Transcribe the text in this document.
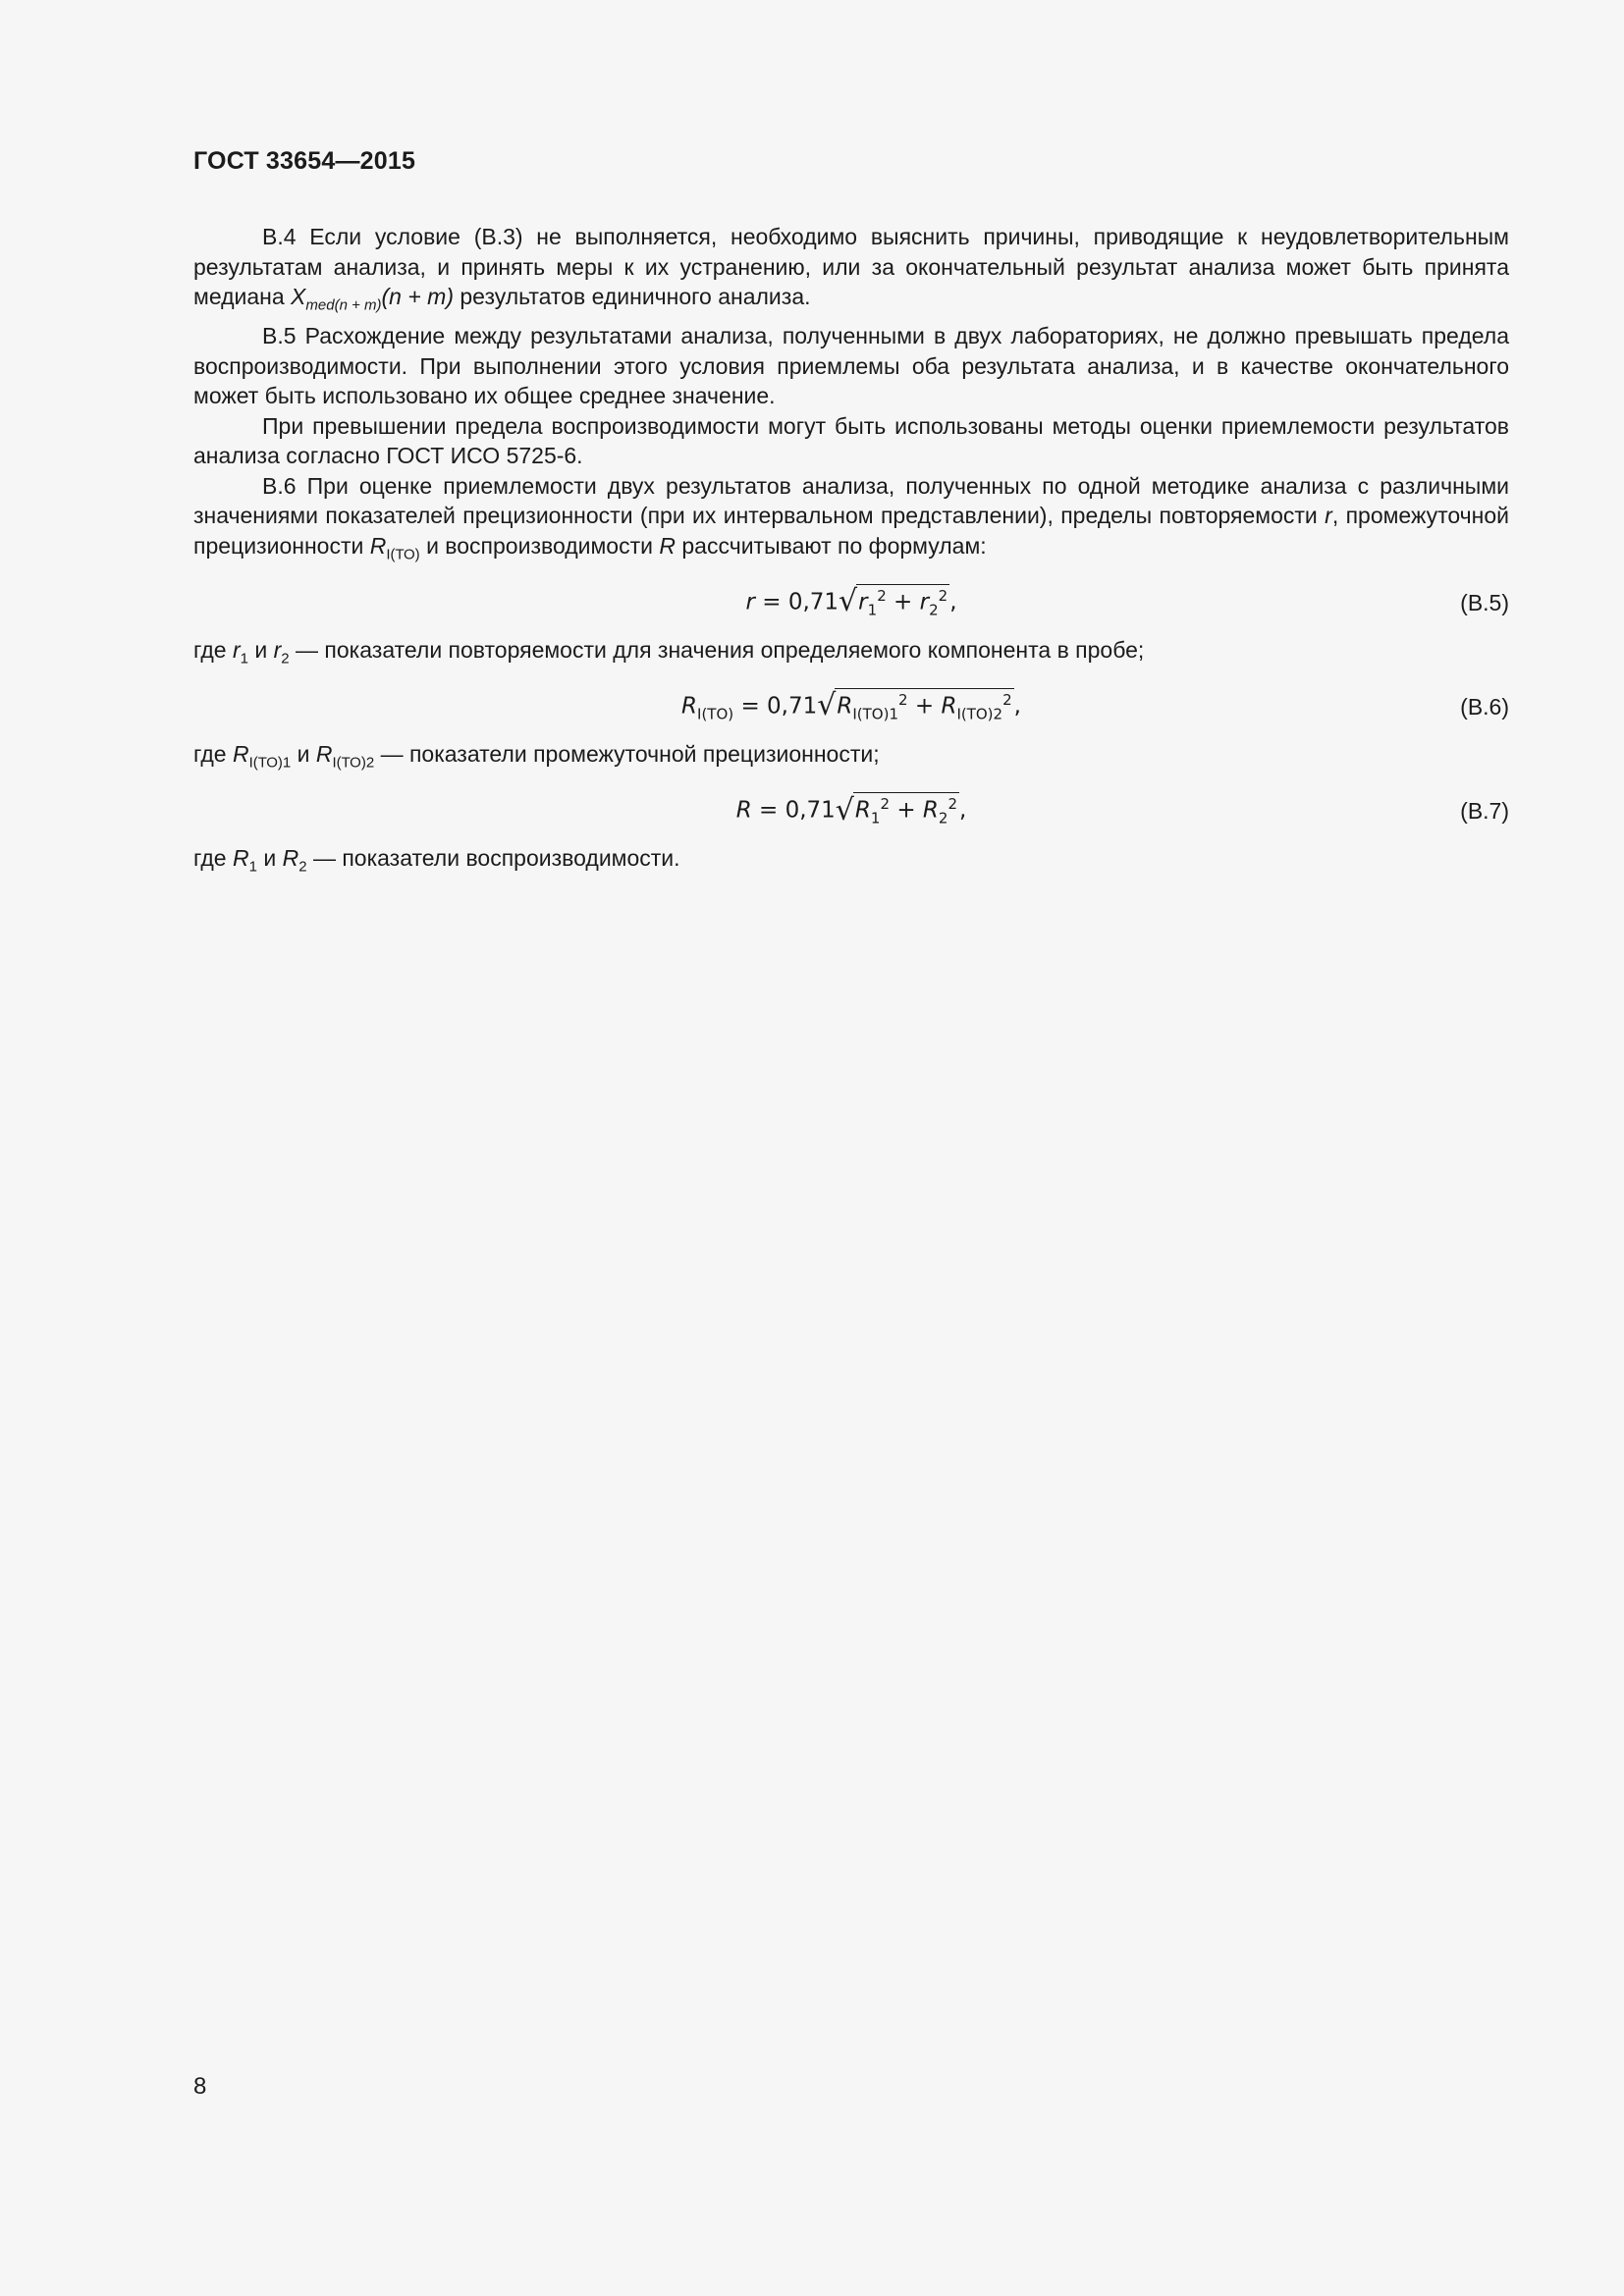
ГОСТ 33654—2015

В.4 Если условие (В.3) не выполняется, необходимо выяснить причины, приводящие к неудовлетворительным результатам анализа, и принять меры к их устранению, или за окончательный результат анализа может быть принята медиана $X_{med(n + m)}(n + m)$ результатов единичного анализа.

В.5 Расхождение между результатами анализа, полученными в двух лабораториях, не должно превышать предела воспроизводимости. При выполнении этого условия приемлемы оба результата анализа, и в качестве окончательного может быть использовано их общее среднее значение.

При превышении предела воспроизводимости могут быть использованы методы оценки приемлемости результатов анализа согласно ГОСТ ИСО 5725-6.

В.6 При оценке приемлемости двух результатов анализа, полученных по одной методике анализа с различными значениями показателей прецизионности (при их интервальном представлении), пределы повторяемости r, промежуточной прецизионности $R_{I(ТО)}$ и воспроизводимости R рассчитывают по формулам:

$r = 0,71√r_1^2 + r_2^2$,	(В.5)

где $r_1$ и $r_2$ — показатели повторяемости для значения определяемого компонента в пробе;

$R_{I(ТО)} = 0,71√R_{I(ТО)1}^2 + R_{I(ТО)2}^2$,	(В.6)

где $R_{I(ТО)1}$ и $R_{I(ТО)2}$ — показатели промежуточной прецизионности;

$R = 0,71√R_1^2 + R_2^2$,	(В.7)

где $R_1$ и $R_2$ — показатели воспроизводимости.

8
